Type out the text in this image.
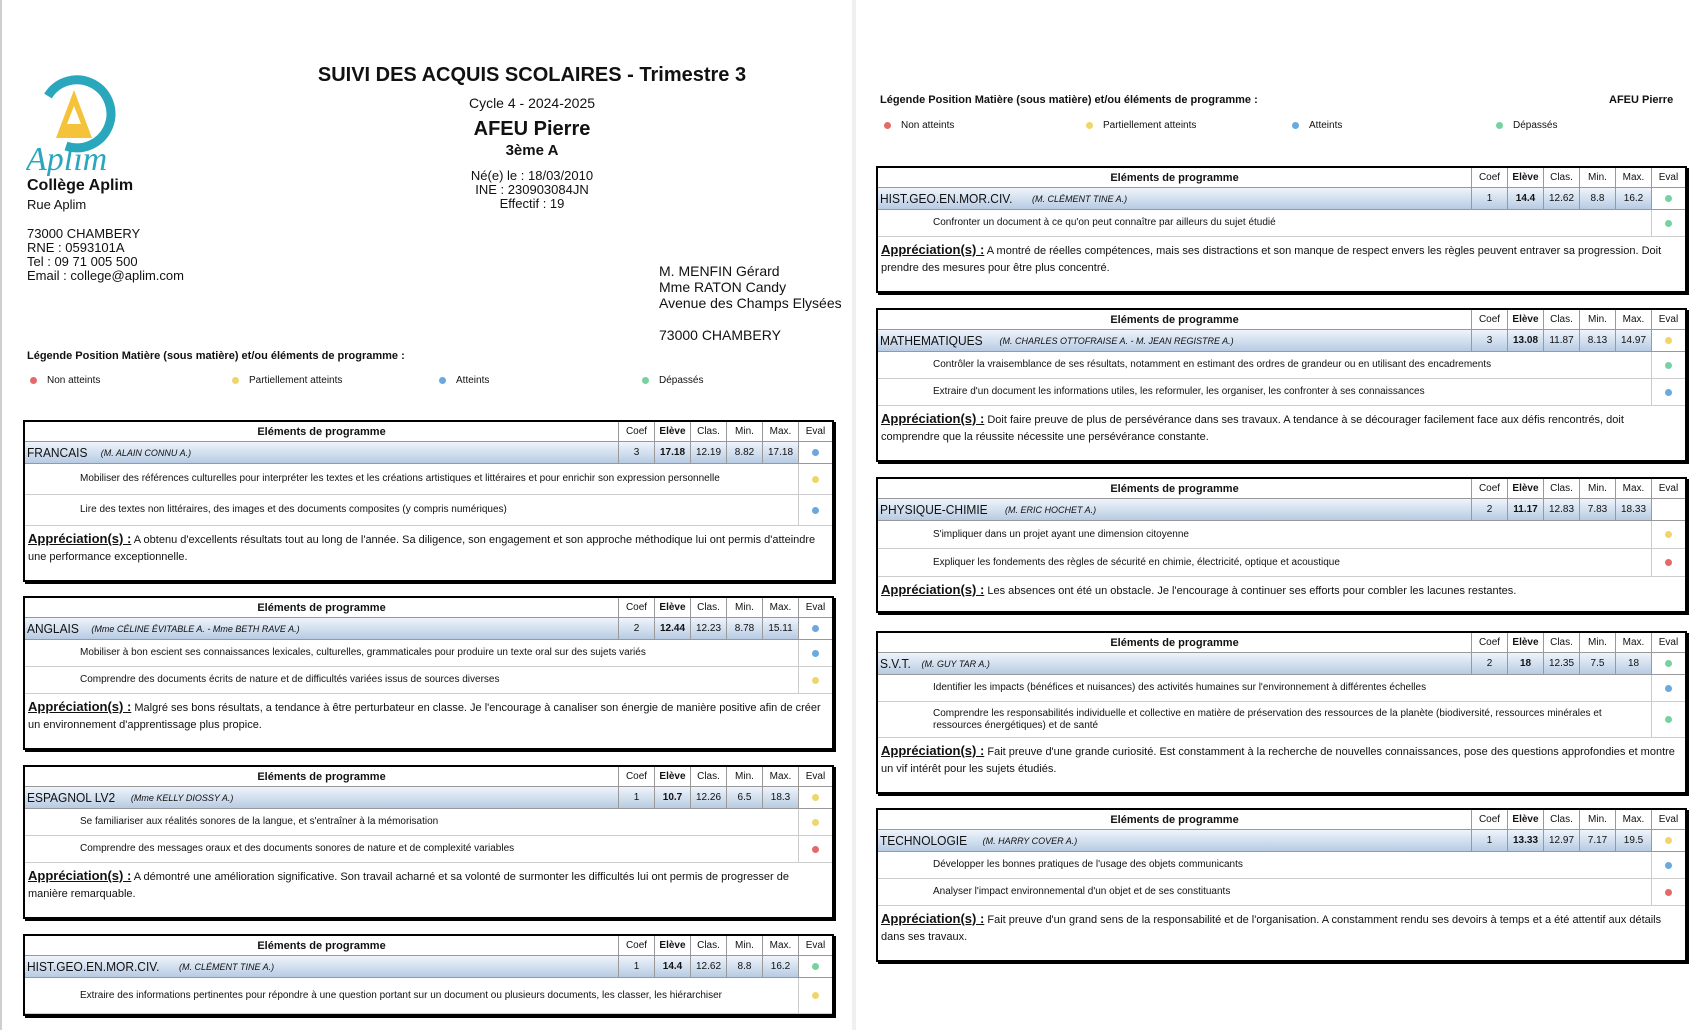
Aplim
Collège Aplim
Rue Aplim
73000 CHAMBERY
RNE : 0593101A
Tel : 09 71 005 500
Email : college@aplim.com
SUIVI DES ACQUIS SCOLAIRES - Trimestre 3
Cycle 4 - 2024-2025
AFEU Pierre
3ème A
Né(e) le : 18/03/2010
INE : 230903084JN
Effectif : 19
M. MENFIN Gérard
Mme RATON Candy
Avenue des Champs Elysées
73000 CHAMBERY
Légende Position Matière (sous matière) et/ou éléments de programme :
Non atteints	Partiellement atteints	Atteints	Dépassés
Eléments de programme	Coef	Elève	Clas.	Min.	Max.	Eval
FRANCAIS (M. ALAIN CONNU A.)	3	17.18	12.19	8.82	17.18
Mobiliser des références culturelles pour interpréter les textes et les créations artistiques et littéraires et pour enrichir son expression personnelle
Lire des textes non littéraires, des images et des documents composites (y compris numériques)
Appréciation(s) : A obtenu d'excellents résultats tout au long de l'année. Sa diligence, son engagement et son approche méthodique lui ont permis d'atteindre une performance exceptionnelle.
Eléments de programme	Coef	Elève	Clas.	Min.	Max.	Eval
ANGLAIS (Mme CÉLINE ÉVITABLE A. - Mme BETH RAVE A.)	2	12.44	12.23	8.78	15.11
Mobiliser à bon escient ses connaissances lexicales, culturelles, grammaticales pour produire un texte oral sur des sujets variés
Comprendre des documents écrits de nature et de difficultés variées issus de sources diverses
Appréciation(s) : Malgré ses bons résultats, a tendance à être perturbateur en classe. Je l'encourage à canaliser son énergie de manière positive afin de créer un environnement d'apprentissage plus propice.
Eléments de programme	Coef	Elève	Clas.	Min.	Max.	Eval
ESPAGNOL LV2 (Mme KELLY DIOSSY A.)	1	10.7	12.26	6.5	18.3
Se familiariser aux réalités sonores de la langue, et s'entraîner à la mémorisation
Comprendre des messages oraux et des documents sonores de nature et de complexité variables
Appréciation(s) : A démontré une amélioration significative. Son travail acharné et sa volonté de surmonter les difficultés lui ont permis de progresser de manière remarquable.
Eléments de programme	Coef	Elève	Clas.	Min.	Max.	Eval
HIST.GEO.EN.MOR.CIV. (M. CLÉMENT TINE A.)	1	14.4	12.62	8.8	16.2
Extraire des informations pertinentes pour répondre à une question portant sur un document ou plusieurs documents, les classer, les hiérarchiser
Légende Position Matière (sous matière) et/ou éléments de programme :	AFEU Pierre
Non atteints	Partiellement atteints	Atteints	Dépassés
Eléments de programme	Coef	Elève	Clas.	Min.	Max.	Eval
HIST.GEO.EN.MOR.CIV. (M. CLÉMENT TINE A.)	1	14.4	12.62	8.8	16.2
Confronter un document à ce qu'on peut connaître par ailleurs du sujet étudié
Appréciation(s) : A montré de réelles compétences, mais ses distractions et son manque de respect envers les règles peuvent entraver sa progression. Doit prendre des mesures pour être plus concentré.
Eléments de programme	Coef	Elève	Clas.	Min.	Max.	Eval
MATHEMATIQUES (M. CHARLES OTTOFRAISE A. - M. JEAN REGISTRE A.)	3	13.08	11.87	8.13	14.97
Contrôler la vraisemblance de ses résultats, notamment en estimant des ordres de grandeur ou en utilisant des encadrements
Extraire d'un document les informations utiles, les reformuler, les organiser, les confronter à ses connaissances
Appréciation(s) : Doit faire preuve de plus de persévérance dans ses travaux. A tendance à se décourager facilement face aux défis rencontrés, doit comprendre que la réussite nécessite une persévérance constante.
Eléments de programme	Coef	Elève	Clas.	Min.	Max.	Eval
PHYSIQUE-CHIMIE (M. ERIC HOCHET A.)	2	11.17	12.83	7.83	18.33
S'impliquer dans un projet ayant une dimension citoyenne
Expliquer les fondements des règles de sécurité en chimie, électricité, optique et acoustique
Appréciation(s) : Les absences ont été un obstacle. Je l'encourage à continuer ses efforts pour combler les lacunes restantes.
Eléments de programme	Coef	Elève	Clas.	Min.	Max.	Eval
S.V.T. (M. GUY TAR A.)	2	18	12.35	7.5	18
Identifier les impacts (bénéfices et nuisances) des activités humaines sur l'environnement à différentes échelles
Comprendre les responsabilités individuelle et collective en matière de préservation des ressources de la planète (biodiversité, ressources minérales et ressources énergétiques) et de santé
Appréciation(s) : Fait preuve d'une grande curiosité. Est constamment à la recherche de nouvelles connaissances, pose des questions approfondies et montre un vif intérêt pour les sujets étudiés.
Eléments de programme	Coef	Elève	Clas.	Min.	Max.	Eval
TECHNOLOGIE (M. HARRY COVER A.)	1	13.33	12.97	7.17	19.5
Développer les bonnes pratiques de l'usage des objets communicants
Analyser l'impact environnemental d'un objet et de ses constituants
Appréciation(s) : Fait preuve d'un grand sens de la responsabilité et de l'organisation. A constamment rendu ses devoirs à temps et a été attentif aux détails dans ses travaux.
